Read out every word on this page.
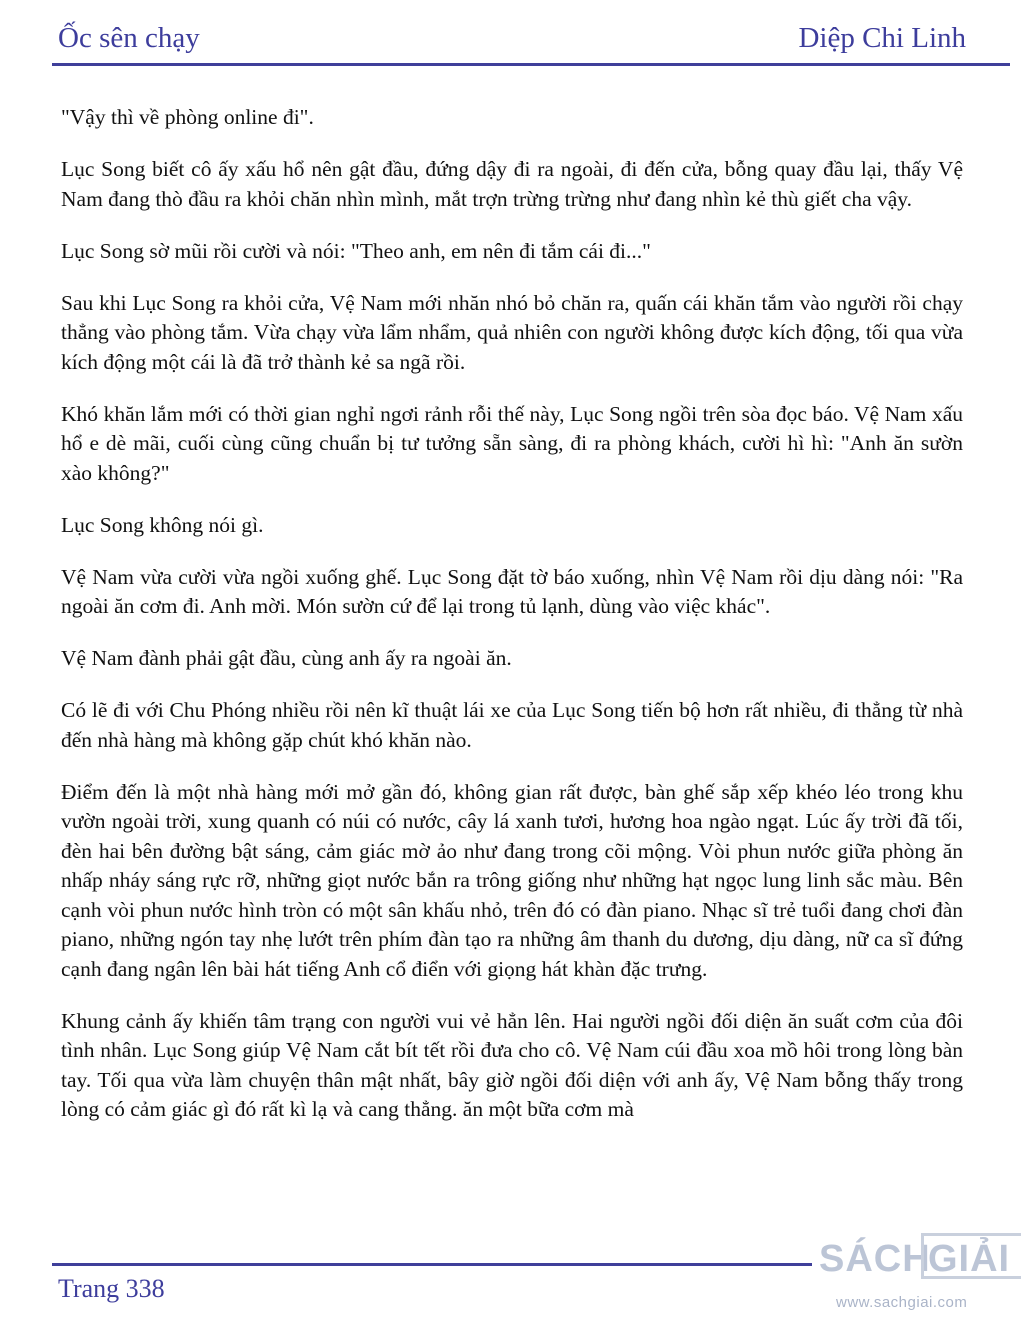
Ốc sên chạy	Diệp Chi Linh

"Vậy thì về phòng online đi".

Lục Song biết cô ấy xấu hổ nên gật đầu, đứng dậy đi ra ngoài, đi đến cửa, bỗng quay đầu lại, thấy Vệ Nam đang thò đầu ra khỏi chăn nhìn mình, mắt trợn trừng trừng như đang nhìn kẻ thù giết cha vậy.

Lục Song sờ mũi rồi cười và nói: "Theo anh, em nên đi tắm cái đi..."

Sau khi Lục Song ra khỏi cửa, Vệ Nam mới nhăn nhó bỏ chăn ra, quấn cái khăn tắm vào người rồi chạy thẳng vào phòng tắm. Vừa chạy vừa lẩm nhẩm, quả nhiên con người không được kích động, tối qua vừa kích động một cái là đã trở thành kẻ sa ngã rồi.

Khó khăn lắm mới có thời gian nghỉ ngơi rảnh rỗi thế này, Lục Song ngồi trên sòa đọc báo. Vệ Nam xấu hổ e dè mãi, cuối cùng cũng chuẩn bị tư tưởng sẵn sàng, đi ra phòng khách, cười hì hì: "Anh ăn sườn xào không?"

Lục Song không nói gì.

Vệ Nam vừa cười vừa ngồi xuống ghế. Lục Song đặt tờ báo xuống, nhìn Vệ Nam rồi dịu dàng nói: "Ra ngoài ăn cơm đi. Anh mời. Món sườn cứ để lại trong tủ lạnh, dùng vào việc khác".

Vệ Nam đành phải gật đầu, cùng anh ấy ra ngoài ăn.

Có lẽ đi với Chu Phóng nhiều rồi nên kĩ thuật lái xe của Lục Song tiến bộ hơn rất nhiều, đi thẳng từ nhà đến nhà hàng mà không gặp chút khó khăn nào.

Điểm đến là một nhà hàng mới mở gần đó, không gian rất được, bàn ghế sắp xếp khéo léo trong khu vườn ngoài trời, xung quanh có núi có nước, cây lá xanh tươi, hương hoa ngào ngạt. Lúc ấy trời đã tối, đèn hai bên đường bật sáng, cảm giác mờ ảo như đang trong cõi mộng. Vòi phun nước giữa phòng ăn nhấp nháy sáng rực rỡ, những giọt nước bắn ra trông giống như những hạt ngọc lung linh sắc màu. Bên cạnh vòi phun nước hình tròn có một sân khấu nhỏ, trên đó có đàn piano. Nhạc sĩ trẻ tuổi đang chơi đàn piano, những ngón tay nhẹ lướt trên phím đàn tạo ra những âm thanh du dương, dịu dàng, nữ ca sĩ đứng cạnh đang ngân lên bài hát tiếng Anh cổ điển với giọng hát khàn đặc trưng.

Khung cảnh ấy khiến tâm trạng con người vui vẻ hẳn lên. Hai người ngồi đối diện ăn suất cơm của đôi tình nhân. Lục Song giúp Vệ Nam cắt bít tết rồi đưa cho cô. Vệ Nam cúi đầu xoa mồ hôi trong lòng bàn tay. Tối qua vừa làm chuyện thân mật nhất, bây giờ ngồi đối diện với anh ấy, Vệ Nam bỗng thấy trong lòng có cảm giác gì đó rất kì lạ và cang thẳng. ăn một bữa cơm mà

Trang 338
SÁCH
GIẢI
www.sachgiai.com
